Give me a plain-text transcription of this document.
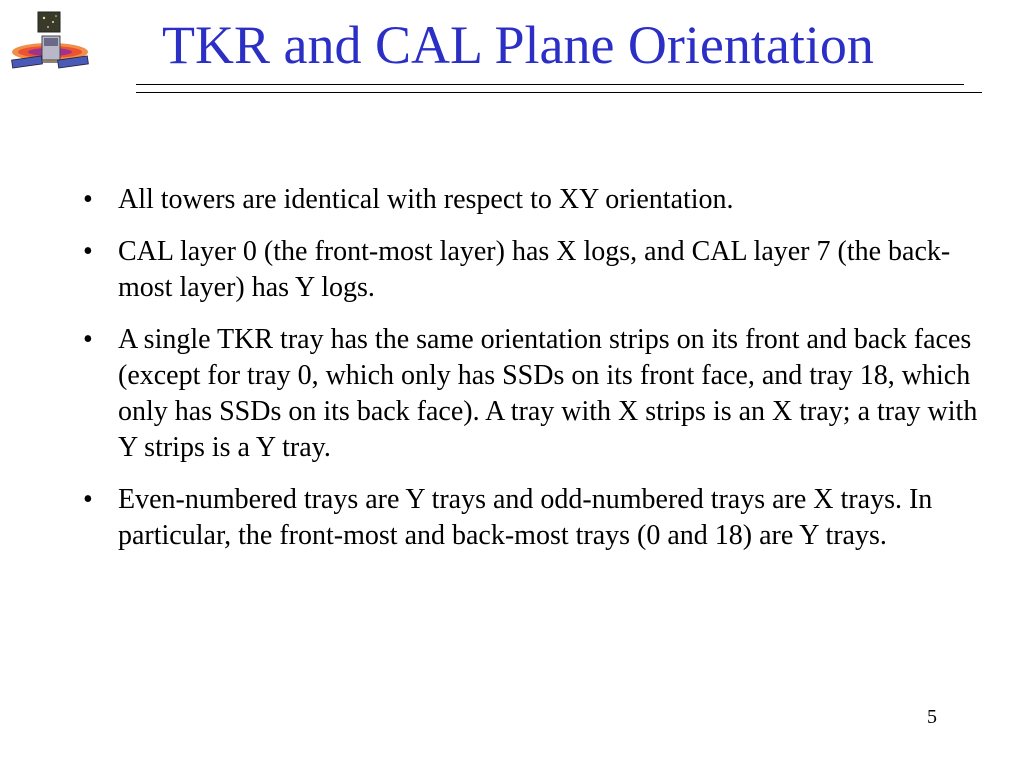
TKR and CAL Plane Orientation
• All towers are identical with respect to XY orientation.
• CAL layer 0 (the front-most layer) has X logs, and CAL layer 7 (the back-most layer) has Y logs.
• A single TKR tray has the same orientation strips on its front and back faces (except for tray 0, which only has SSDs on its front face, and tray 18, which only has SSDs on its back face). A tray with X strips is an X tray; a tray with Y strips is a Y tray.
• Even-numbered trays are Y trays and odd-numbered trays are X trays. In particular, the front-most and back-most trays (0 and 18) are Y trays.
5
